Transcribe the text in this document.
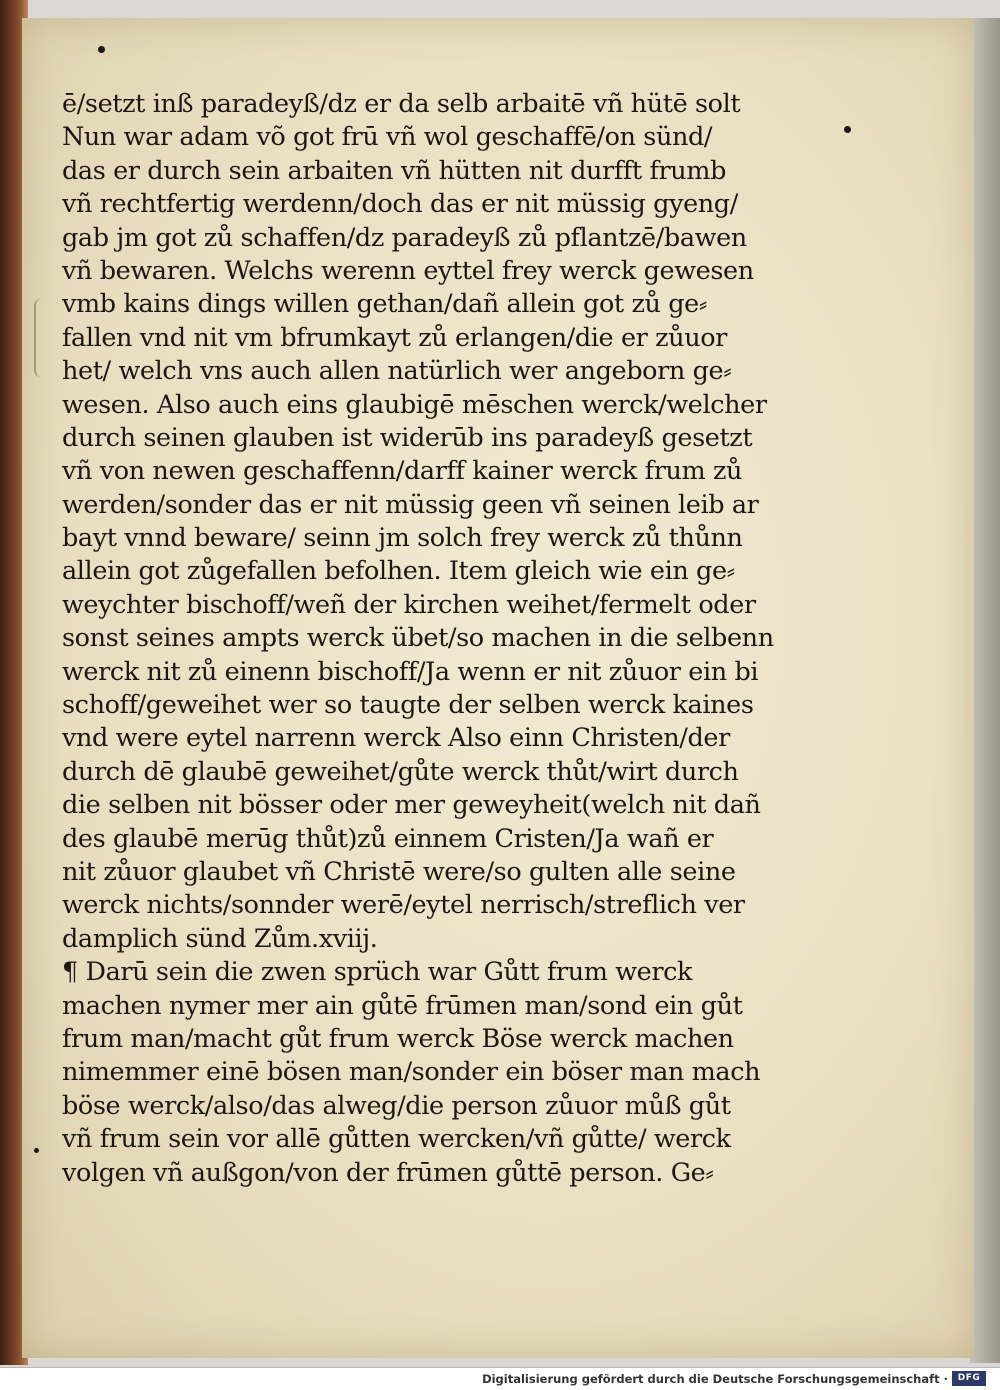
ē/setzt inß paradeyß/dz er da selb arbaitē vñ hütē solt
Nun war adam võ got frū vñ wol geschaffē/on sünd/
das er durch sein arbaiten vñ hütten nit durfft frumb
vñ rechtfertig werdenn/doch das er nit müssig gyeng/
gab jm got zů schaffen/dz paradeyß zů pflantzē/bawen
vñ bewaren. Welchs werenn eyttel frey werck gewesen
vmb kains dings willen gethan/dañ allein got zů ge⸗
fallen vnd nit vm bfrumkayt zů erlangen/die er zůuor
het/ welch vns auch allen natürlich wer angeborn ge⸗
wesen. Also auch eins glaubigē mēschen werck/welcher
durch seinen glauben ist widerūb ins paradeyß gesetzt
vñ von newen geschaffenn/darff kainer werck frum zů
werden/sonder das er nit müssig geen vñ seinen leib ar
bayt vnnd beware/ seinn jm solch frey werck zů thůnn
allein got zůgefallen befolhen. Item gleich wie ein ge⸗
weychter bischoff/weñ der kirchen weihet/fermelt oder
sonst seines ampts werck übet/so machen in die selbenn
werck nit zů einenn bischoff/Ja wenn er nit zůuor ein bi
schoff/geweihet wer so taugte der selben werck kaines
vnd were eytel narrenn werck Also einn Christen/der
durch dē glaubē geweihet/gůte werck thůt/wirt durch
die selben nit bösser oder mer geweyheit(welch nit dañ
des glaubē merūg thůt)zů einnem Cristen/Ja wañ er
nit zůuor glaubet vñ Christē were/so gulten alle seine
werck nichts/sonnder werē/eytel nerrisch/streflich ver
damplich sünd Zům.xviij.
¶ Darū sein die zwen sprüch war Gůtt frum werck
machen nymer mer ain gůtē frūmen man/sond ein gůt
frum man/macht gůt frum werck Böse werck machen
nimemmer einē bösen man/sonder ein böser man mach
böse werck/also/das alweg/die person zůuor můß gůt
vñ frum sein vor allē gůtten wercken/vñ gůtte/ werck
volgen vñ außgon/von der frūmen gůttē person. Ge⸗
Digitalisierung gefördert durch die Deutsche Forschungsgemeinschaft ·	DFG
